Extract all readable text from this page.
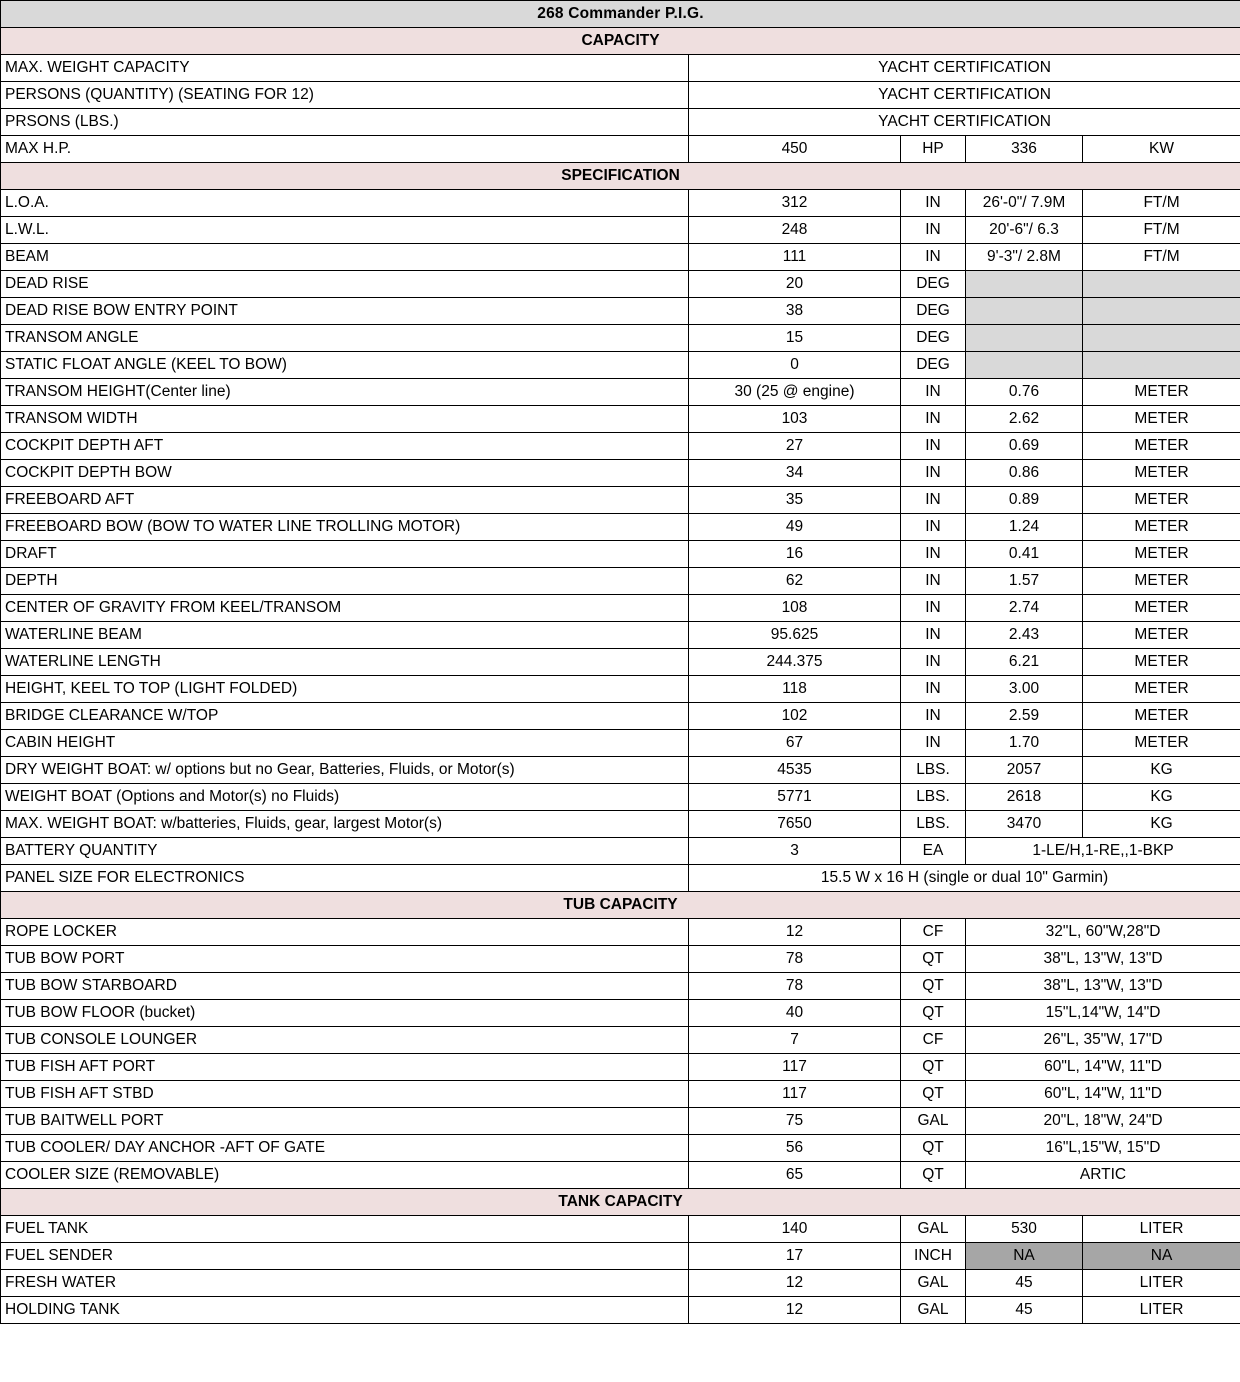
268 Commander P.I.G.				
CAPACITY				
MAX. WEIGHT CAPACITY	YACHT CERTIFICATION			
PERSONS (QUANTITY) (SEATING FOR 12)	YACHT CERTIFICATION			
PRSONS (LBS.)	YACHT CERTIFICATION			
MAX H.P.	450	HP	336	KW
SPECIFICATION				
L.O.A.	312	IN	26'-0"/ 7.9M	FT/M
L.W.L.	248	IN	20'-6"/ 6.3	FT/M
BEAM	111	IN	9'-3"/ 2.8M	FT/M
DEAD RISE	20	DEG		
DEAD RISE BOW ENTRY POINT	38	DEG		
TRANSOM ANGLE	15	DEG		
STATIC FLOAT ANGLE (KEEL TO BOW)	0	DEG		
TRANSOM HEIGHT(Center line)	30 (25 @ engine)	IN	0.76	METER
TRANSOM WIDTH	103	IN	2.62	METER
COCKPIT DEPTH AFT	27	IN	0.69	METER
COCKPIT DEPTH BOW	34	IN	0.86	METER
FREEBOARD AFT	35	IN	0.89	METER
FREEBOARD BOW (BOW TO WATER LINE TROLLING MOTOR)	49	IN	1.24	METER
DRAFT	16	IN	0.41	METER
DEPTH	62	IN	1.57	METER
CENTER OF GRAVITY FROM KEEL/TRANSOM	108	IN	2.74	METER
WATERLINE BEAM	95.625	IN	2.43	METER
WATERLINE LENGTH	244.375	IN	6.21	METER
HEIGHT, KEEL TO TOP (LIGHT FOLDED)	118	IN	3.00	METER
BRIDGE CLEARANCE W/TOP	102	IN	2.59	METER
CABIN HEIGHT	67	IN	1.70	METER
DRY WEIGHT BOAT: w/ options but no Gear, Batteries, Fluids, or Motor(s)	4535	LBS.	2057	KG
WEIGHT BOAT (Options and Motor(s) no Fluids)	5771	LBS.	2618	KG
MAX. WEIGHT BOAT: w/batteries, Fluids, gear, largest Motor(s)	7650	LBS.	3470	KG
BATTERY QUANTITY	3	EA	1-LE/H,1-RE,,1-BKP	
PANEL SIZE FOR ELECTRONICS	15.5 W x 16 H (single or dual 10" Garmin)			
TUB CAPACITY				
ROPE LOCKER	12	CF	32"L, 60"W,28"D	
TUB BOW PORT	78	QT	38"L, 13"W, 13"D	
TUB BOW STARBOARD	78	QT	38"L, 13"W, 13"D	
TUB BOW FLOOR (bucket)	40	QT	15"L,14"W, 14"D	
TUB CONSOLE LOUNGER	7	CF	26"L, 35"W, 17"D	
TUB FISH AFT PORT	117	QT	60"L, 14"W, 11"D	
TUB FISH AFT STBD	117	QT	60"L, 14"W, 11"D	
TUB BAITWELL PORT	75	GAL	20"L, 18"W, 24"D	
TUB COOLER/ DAY ANCHOR -AFT OF GATE	56	QT	16"L,15"W, 15"D	
COOLER SIZE (REMOVABLE)	65	QT	ARTIC	
TANK CAPACITY				
FUEL TANK	140	GAL	530	LITER
FUEL SENDER	17	INCH	NA	NA
FRESH WATER	12	GAL	45	LITER
HOLDING TANK	12	GAL	45	LITER
